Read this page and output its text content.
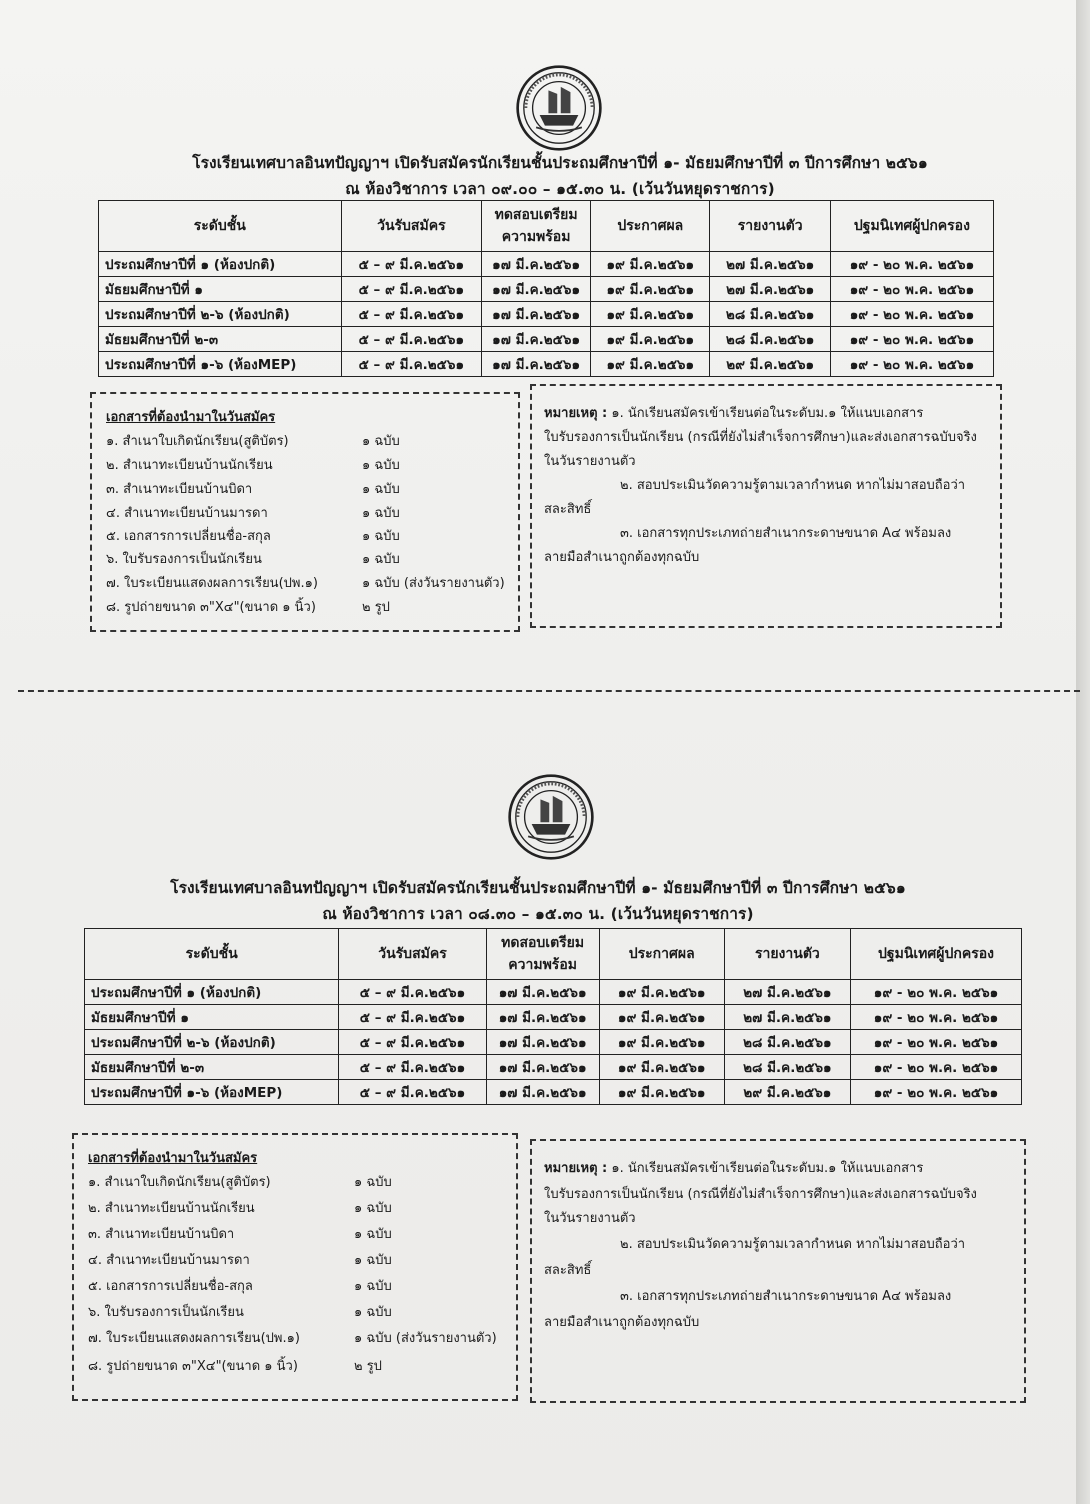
โรงเรียนเทศบาลอินทปัญญาฯ เปิดรับสมัครนักเรียนชั้นประถมศึกษาปีที่ ๑- มัธยมศึกษาปีที่ ๓ ปีการศึกษา ๒๕๖๑
ณ ห้องวิชาการ เวลา ๐๙.๐๐ – ๑๕.๓๐ น. (เว้นวันหยุดราชการ)
ระดับชั้น	วันรับสมัคร	ทดสอบเตรียม ความพร้อม	ประกาศผล	รายงานตัว	ปฐมนิเทศผู้ปกครอง
ประถมศึกษาปีที่ ๑ (ห้องปกติ)	๕ – ๙ มี.ค.๒๕๖๑	๑๗ มี.ค.๒๕๖๑	๑๙ มี.ค.๒๕๖๑	๒๗ มี.ค.๒๕๖๑	๑๙ - ๒๐ พ.ค. ๒๕๖๑
มัธยมศึกษาปีที่ ๑	๕ – ๙ มี.ค.๒๕๖๑	๑๗ มี.ค.๒๕๖๑	๑๙ มี.ค.๒๕๖๑	๒๗ มี.ค.๒๕๖๑	๑๙ - ๒๐ พ.ค. ๒๕๖๑
ประถมศึกษาปีที่ ๒-๖ (ห้องปกติ)	๕ – ๙ มี.ค.๒๕๖๑	๑๗ มี.ค.๒๕๖๑	๑๙ มี.ค.๒๕๖๑	๒๘ มี.ค.๒๕๖๑	๑๙ - ๒๐ พ.ค. ๒๕๖๑
มัธยมศึกษาปีที่ ๒-๓	๕ – ๙ มี.ค.๒๕๖๑	๑๗ มี.ค.๒๕๖๑	๑๙ มี.ค.๒๕๖๑	๒๘ มี.ค.๒๕๖๑	๑๙ - ๒๐ พ.ค. ๒๕๖๑
ประถมศึกษาปีที่ ๑-๖ (ห้องMEP)	๕ – ๙ มี.ค.๒๕๖๑	๑๗ มี.ค.๒๕๖๑	๑๙ มี.ค.๒๕๖๑	๒๙ มี.ค.๒๕๖๑	๑๙ - ๒๐ พ.ค. ๒๕๖๑
เอกสารที่ต้องนำมาในวันสมัคร
๑. สำเนาใบเกิดนักเรียน(สูติบัตร)	๑ ฉบับ
๒. สำเนาทะเบียนบ้านนักเรียน	๑ ฉบับ
๓. สำเนาทะเบียนบ้านบิดา	๑ ฉบับ
๔. สำเนาทะเบียนบ้านมารดา	๑ ฉบับ
๕. เอกสารการเปลี่ยนชื่อ-สกุล	๑ ฉบับ
๖. ใบรับรองการเป็นนักเรียน	๑ ฉบับ
๗. ใบระเบียนแสดงผลการเรียน(ปพ.๑)	๑ ฉบับ (ส่งวันรายงานตัว)
๘. รูปถ่ายขนาด ๓"X๔"(ขนาด ๑ นิ้ว)	๒ รูป
หมายเหตุ : ๑. นักเรียนสมัครเข้าเรียนต่อในระดับม.๑ ให้แนบเอกสาร
ใบรับรองการเป็นนักเรียน (กรณีที่ยังไม่สำเร็จการศึกษา)และส่งเอกสารฉบับจริง
ในวันรายงานตัว
๒. สอบประเมินวัดความรู้ตามเวลากำหนด หากไม่มาสอบถือว่า
สละสิทธิ์
๓. เอกสารทุกประเภทถ่ายสำเนากระดาษขนาด A๔ พร้อมลง
ลายมือสำเนาถูกต้องทุกฉบับ
โรงเรียนเทศบาลอินทปัญญาฯ เปิดรับสมัครนักเรียนชั้นประถมศึกษาปีที่ ๑- มัธยมศึกษาปีที่ ๓ ปีการศึกษา ๒๕๖๑
ณ ห้องวิชาการ เวลา ๐๘.๓๐ – ๑๕.๓๐ น. (เว้นวันหยุดราชการ)
ระดับชั้น	วันรับสมัคร	ทดสอบเตรียม ความพร้อม	ประกาศผล	รายงานตัว	ปฐมนิเทศผู้ปกครอง
ประถมศึกษาปีที่ ๑ (ห้องปกติ)	๕ – ๙ มี.ค.๒๕๖๑	๑๗ มี.ค.๒๕๖๑	๑๙ มี.ค.๒๕๖๑	๒๗ มี.ค.๒๕๖๑	๑๙ - ๒๐ พ.ค. ๒๕๖๑
มัธยมศึกษาปีที่ ๑	๕ – ๙ มี.ค.๒๕๖๑	๑๗ มี.ค.๒๕๖๑	๑๙ มี.ค.๒๕๖๑	๒๗ มี.ค.๒๕๖๑	๑๙ - ๒๐ พ.ค. ๒๕๖๑
ประถมศึกษาปีที่ ๒-๖ (ห้องปกติ)	๕ – ๙ มี.ค.๒๕๖๑	๑๗ มี.ค.๒๕๖๑	๑๙ มี.ค.๒๕๖๑	๒๘ มี.ค.๒๕๖๑	๑๙ - ๒๐ พ.ค. ๒๕๖๑
มัธยมศึกษาปีที่ ๒-๓	๕ – ๙ มี.ค.๒๕๖๑	๑๗ มี.ค.๒๕๖๑	๑๙ มี.ค.๒๕๖๑	๒๘ มี.ค.๒๕๖๑	๑๙ - ๒๐ พ.ค. ๒๕๖๑
ประถมศึกษาปีที่ ๑-๖ (ห้องMEP)	๕ – ๙ มี.ค.๒๕๖๑	๑๗ มี.ค.๒๕๖๑	๑๙ มี.ค.๒๕๖๑	๒๙ มี.ค.๒๕๖๑	๑๙ - ๒๐ พ.ค. ๒๕๖๑
เอกสารที่ต้องนำมาในวันสมัคร
๑. สำเนาใบเกิดนักเรียน(สูติบัตร)	๑ ฉบับ
๒. สำเนาทะเบียนบ้านนักเรียน	๑ ฉบับ
๓. สำเนาทะเบียนบ้านบิดา	๑ ฉบับ
๔. สำเนาทะเบียนบ้านมารดา	๑ ฉบับ
๕. เอกสารการเปลี่ยนชื่อ-สกุล	๑ ฉบับ
๖. ใบรับรองการเป็นนักเรียน	๑ ฉบับ
๗. ใบระเบียนแสดงผลการเรียน(ปพ.๑)	๑ ฉบับ (ส่งวันรายงานตัว)
๘. รูปถ่ายขนาด ๓"X๔"(ขนาด ๑ นิ้ว)	๒ รูป
หมายเหตุ : ๑. นักเรียนสมัครเข้าเรียนต่อในระดับม.๑ ให้แนบเอกสาร
ใบรับรองการเป็นนักเรียน (กรณีที่ยังไม่สำเร็จการศึกษา)และส่งเอกสารฉบับจริง
ในวันรายงานตัว
๒. สอบประเมินวัดความรู้ตามเวลากำหนด หากไม่มาสอบถือว่า
สละสิทธิ์
๓. เอกสารทุกประเภทถ่ายสำเนากระดาษขนาด A๔ พร้อมลง
ลายมือสำเนาถูกต้องทุกฉบับ
